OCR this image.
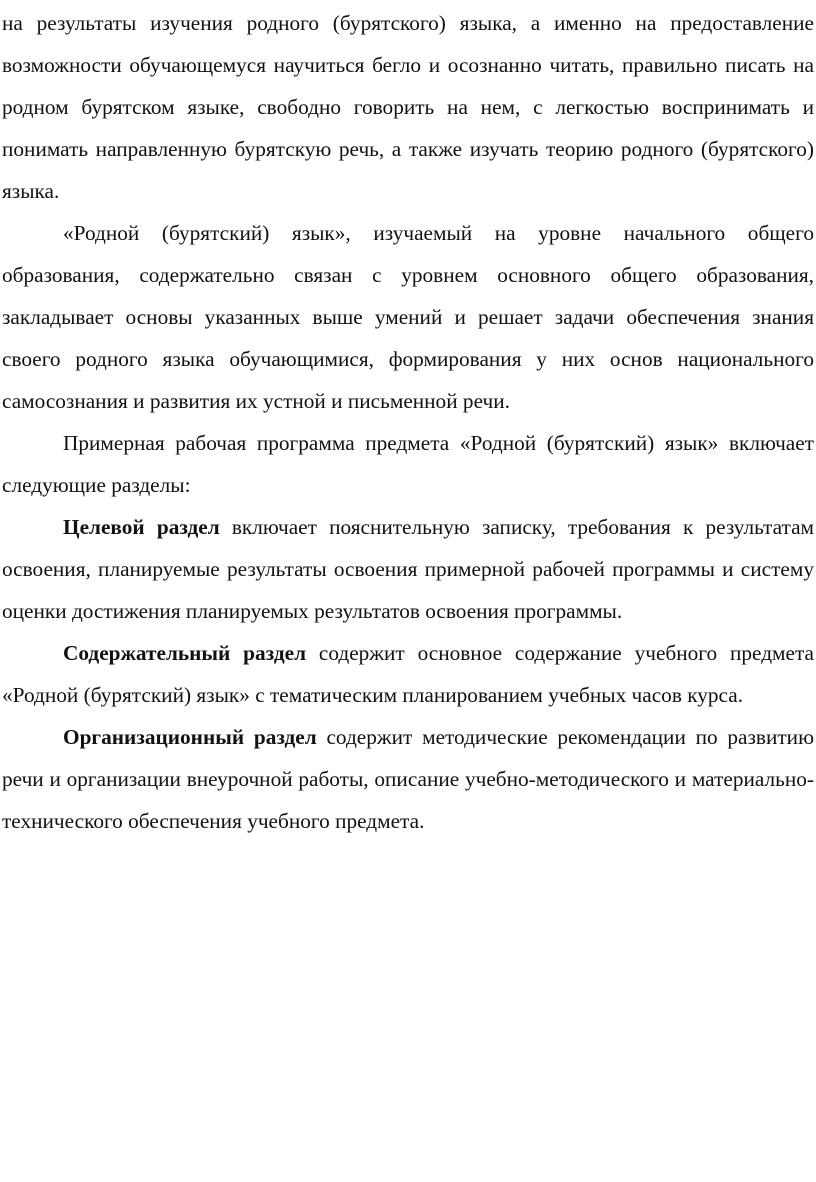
на результаты изучения родного (бурятского) языка, а именно на предоставление возможности обучающемуся научиться бегло и осознанно читать, правильно писать на родном бурятском языке, свободно говорить на нем, с легкостью воспринимать и понимать направленную бурятскую речь, а также изучать теорию родного (бурятского) языка.

«Родной (бурятский) язык», изучаемый на уровне начального общего образования, содержательно связан с уровнем основного общего образования, закладывает основы указанных выше умений и решает задачи обеспечения знания своего родного языка обучающимися, формирования у них основ национального самосознания и развития их устной и письменной речи.

Примерная рабочая программа предмета «Родной (бурятский) язык» включает следующие разделы:

Целевой раздел включает пояснительную записку, требования к результатам освоения, планируемые результаты освоения примерной рабочей программы и систему оценки достижения планируемых результатов освоения программы.

Содержательный раздел содержит основное содержание учебного предмета «Родной (бурятский) язык» с тематическим планированием учебных часов курса.

Организационный раздел содержит методические рекомендации по развитию речи и организации внеурочной работы, описание учебно-методического и материально-технического обеспечения учебного предмета.
